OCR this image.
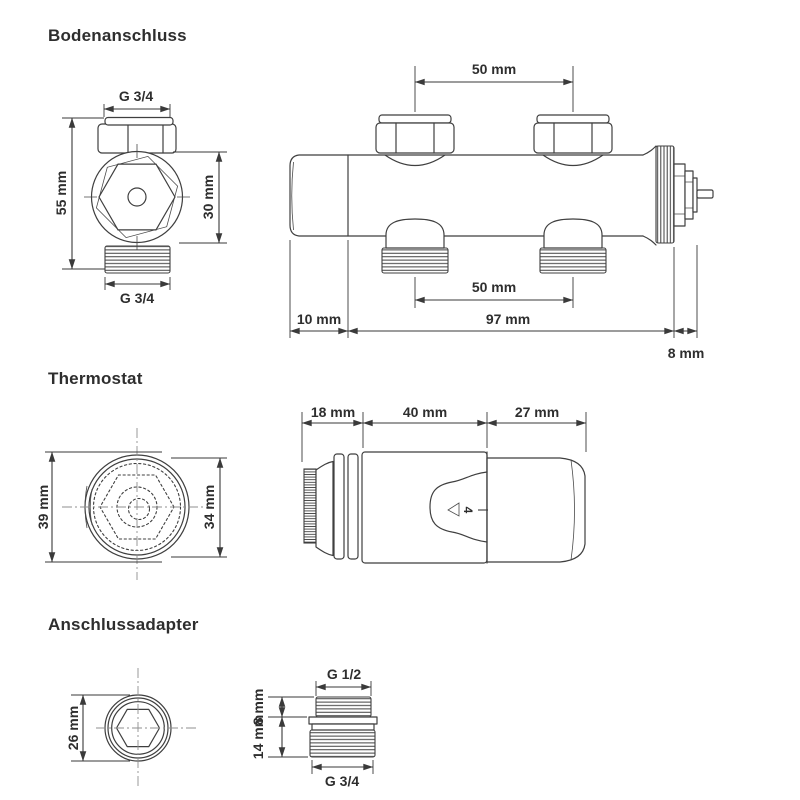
Bodenanschluss
Thermostat
Anschlussadapter
G 3/4
55 mm	30 mm
G 3/4
50 mm
50 mm
10 mm	97 mm
8 mm
39 mm	34 mm	4
18 mm	40 mm	27 mm
26 mm
G 1/2
G 3/4
8 mm
14 mm
